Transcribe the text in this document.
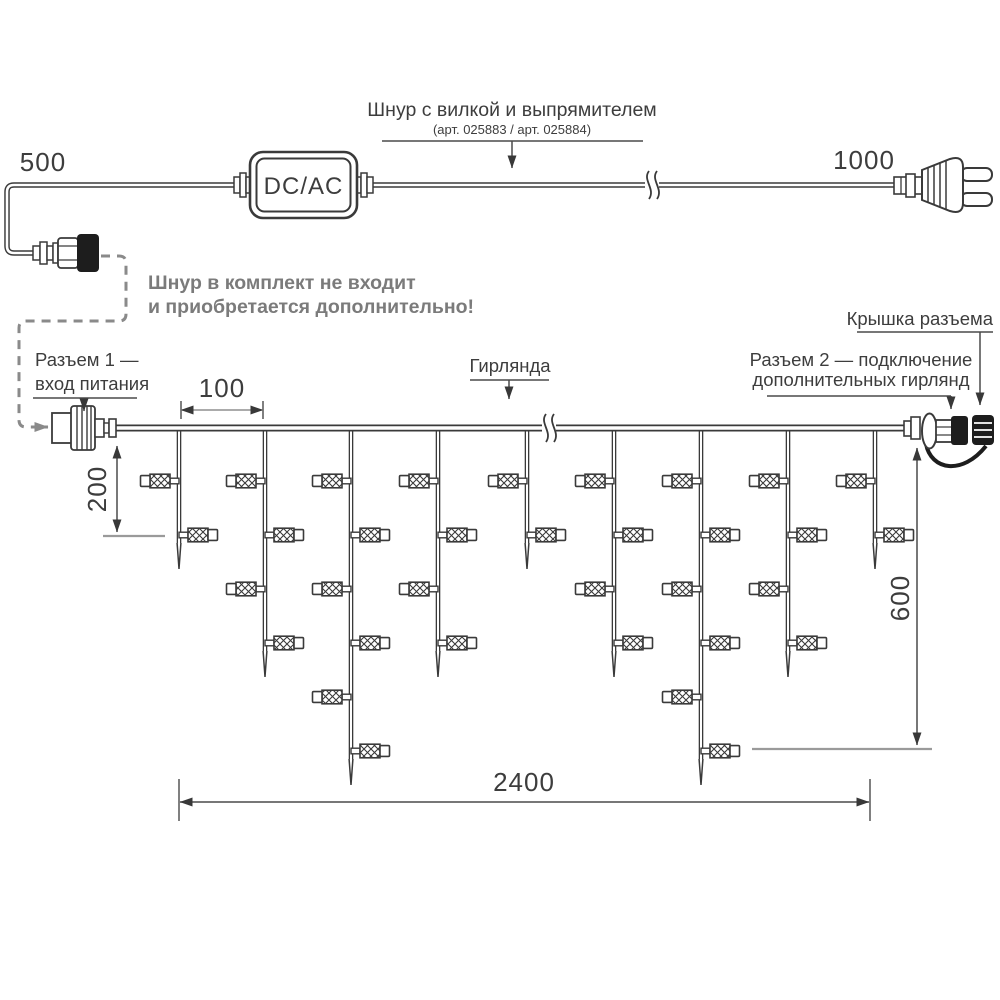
DC/AC
Шнур с вилкой и выпрямителем
(арт. 025883 / арт. 025884)
500	1000
Шнур в комплект не входит
и приобретается дополнительно!
Разъем 1 —
вход питания
Гирлянда
Крышка разъема
Разъем 2 — подключение
дополнительных гирлянд
100
200
600
2400
